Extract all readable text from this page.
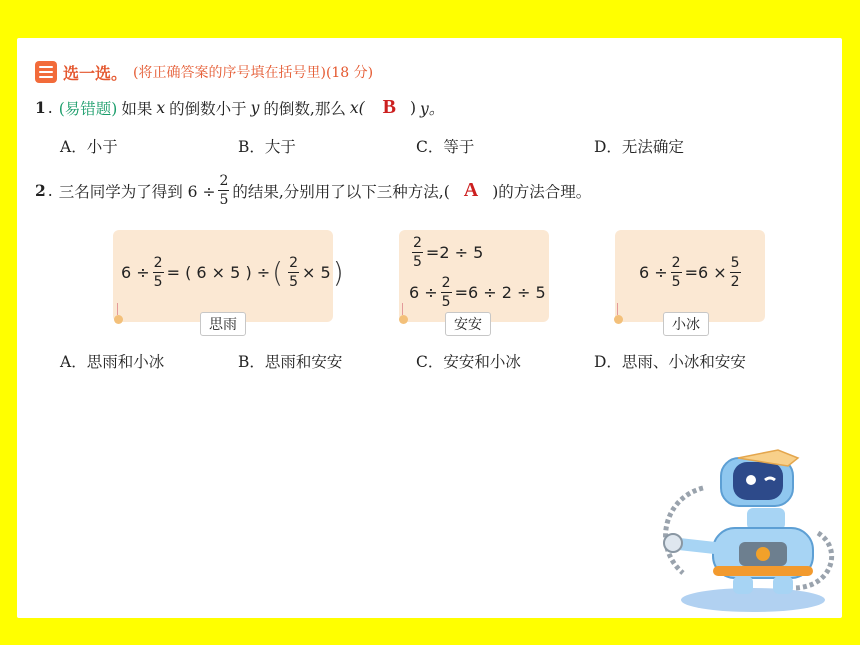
选一选。 (将正确答案的序号填在括号里)(18 分)
1 . (易错题) 如果 x 的倒数小于 y 的倒数,那么 x( B ) y。
A．小于	B．大于	C．等于	D．无法确定
2 . 三名同学为了得到 $6 \div \frac{2}{5}$ 的结果,分别用了以下三种方法,( A )的方法合理。
$6 \div \frac{2}{5}$ = ( 6 × 5 ) ÷ ( $\frac{2}{5} \times 5$ )
思雨
$\frac{2}{5} =2 \div 5$
$6 \div \frac{2}{5} =6 \div 2 \div 5$
安安
$6 \div \frac{2}{5} =6 \times \frac{5}{2}$
小冰
A．思雨和小冰	B．思雨和安安	C．安安和小冰	D．思雨、小冰和安安
